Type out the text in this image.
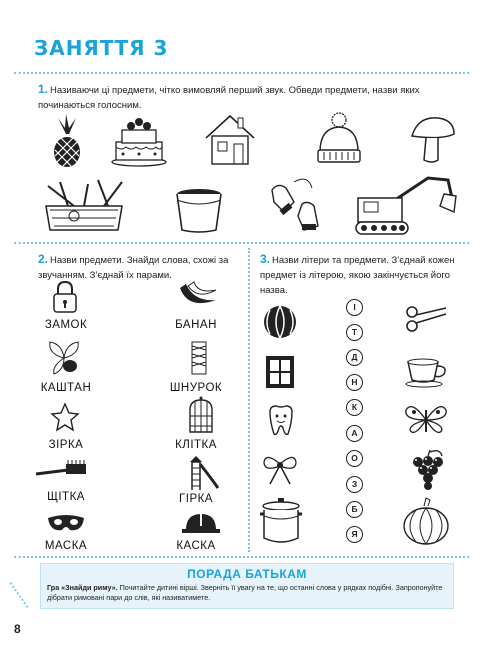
ЗАНЯТТЯ 3
1. Називаючи ці предмети, чітко вимовляй перший звук. Обведи предмети, назви яких починаються голосним.
2. Назви предмети. Знайди слова, схожі за звучанням. З’єднай їх парами.
ЗАМОК
КАШТАН
ЗІРКА
ЩІТКА
МАСКА
БАНАН
ШНУРОК
КЛІТКА
ГІРКА
КАСКА
3. Назви літери та предмети. З’єднай кожен предмет із літерою, якою закінчується його назва.
І
Т
Д
Н
К
А
О
З
Б
Я
ПОРАДА БАТЬКАМ
Гра «Знайди риму». Почитайте дитині вірші. Зверніть її увагу на те, що останні слова у рядках подібні. Запропонуйте дібрати римовані пари до слів, які називатимете.
8
